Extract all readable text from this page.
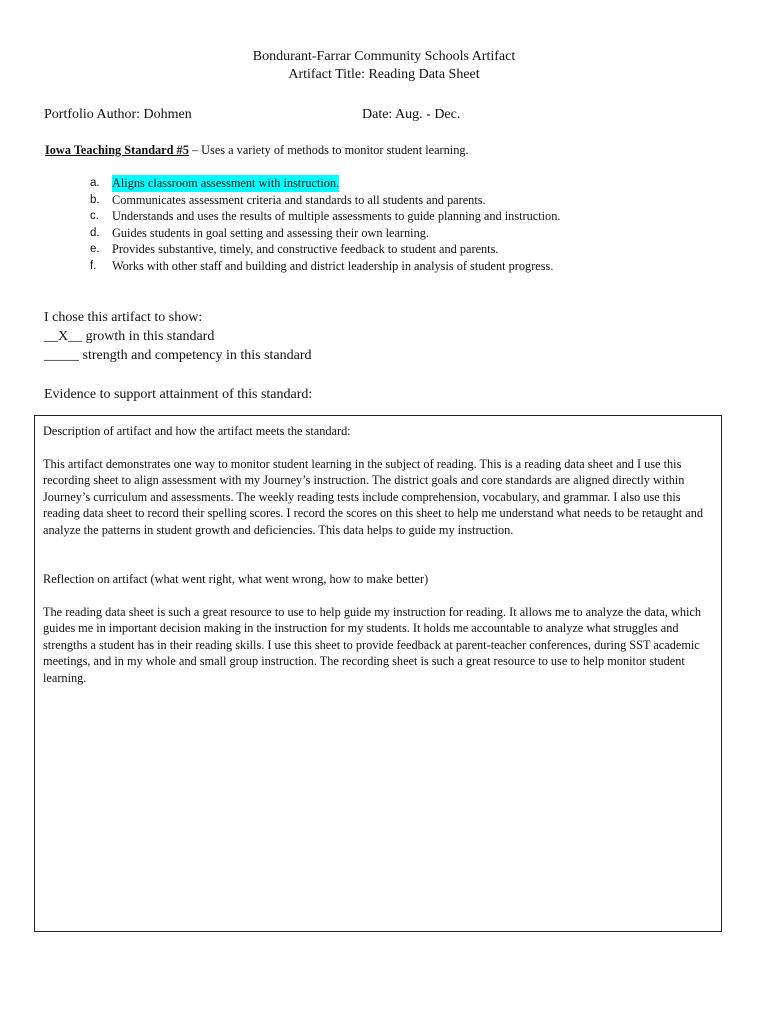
Bondurant-Farrar Community Schools Artifact
Artifact Title: Reading Data Sheet
Portfolio Author: Dohmen	Date: Aug. - Dec.
Iowa Teaching Standard #5 – Uses a variety of methods to monitor student learning.
a.	Aligns classroom assessment with instruction.
b.	Communicates assessment criteria and standards to all students and parents.
c.	Understands and uses the results of multiple assessments to guide planning and instruction.
d.	Guides students in goal setting and assessing their own learning.
e.	Provides substantive, timely, and constructive feedback to student and parents.
f.	Works with other staff and building and district leadership in analysis of student progress.
I chose this artifact to show:
__X__ growth in this standard
_____ strength and competency in this standard
Evidence to support attainment of this standard:

Description of artifact and how the artifact meets the standard:

This artifact demonstrates one way to monitor student learning in the subject of reading. This is a reading data sheet and I use this recording sheet to align assessment with my Journey’s instruction. The district goals and core standards are aligned directly within Journey’s curriculum and assessments. The weekly reading tests include comprehension, vocabulary, and grammar. I also use this reading data sheet to record their spelling scores. I record the scores on this sheet to help me understand what needs to be retaught and analyze the patterns in student growth and deficiencies. This data helps to guide my instruction.

Reflection on artifact (what went right, what went wrong, how to make better)

The reading data sheet is such a great resource to use to help guide my instruction for reading. It allows me to analyze the data, which guides me in important decision making in the instruction for my students. It holds me accountable to analyze what struggles and strengths a student has in their reading skills. I use this sheet to provide feedback at parent-teacher conferences, during SST academic meetings, and in my whole and small group instruction. The recording sheet is such a great resource to use to help monitor student learning.
